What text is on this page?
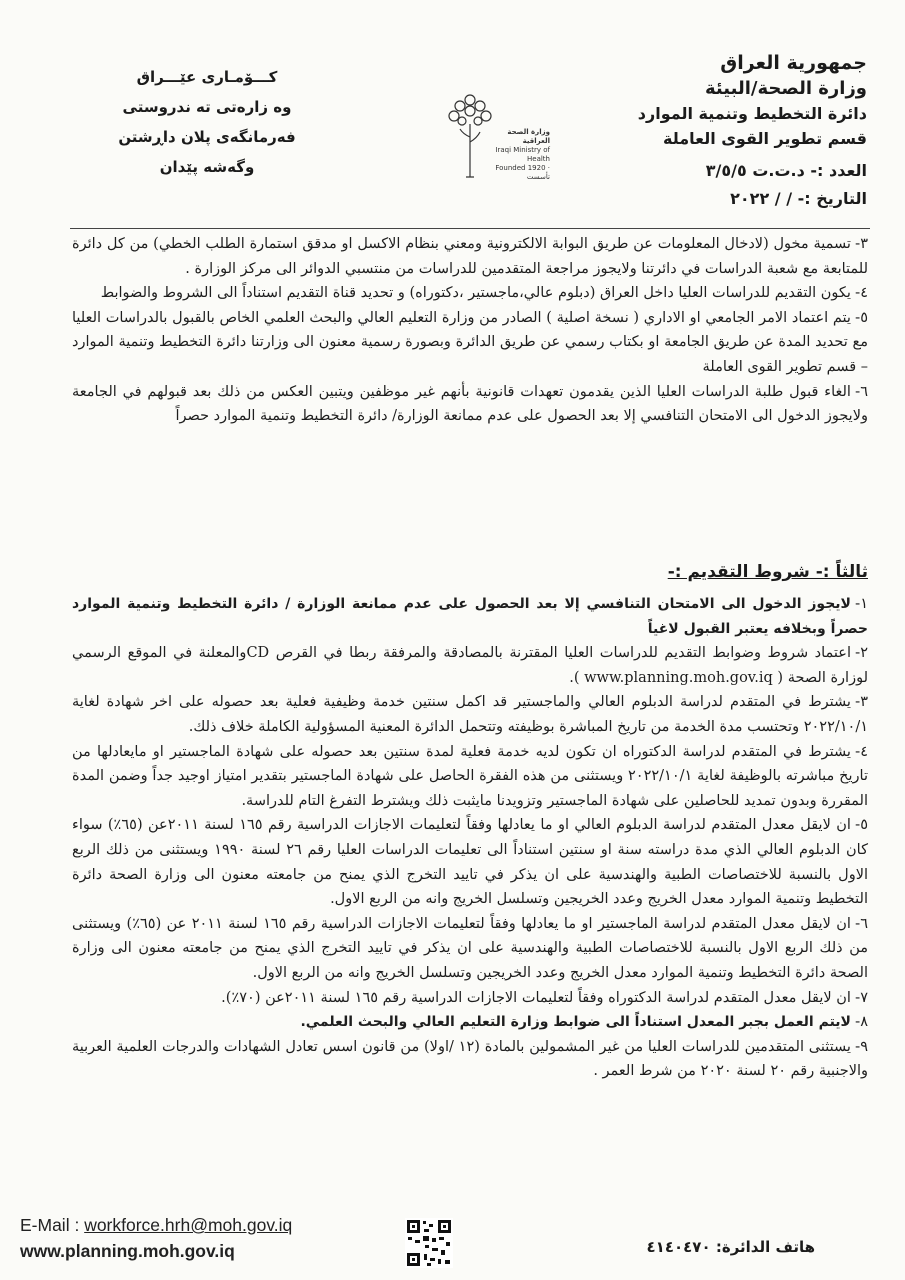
جمهورية العراق
وزارة الصحة/البيئة
دائرة التخطيط وتنمية الموارد
قسم تطوير القوى العاملة
العدد :- د.ت.ت ٣/٥/٥
التاريخ :- / / ٢٠٢٢
كـــۆمـارى عێـــراق
وه زاره‌تى ته ندروستی
فەرمانگەی پلان داڕشتن وگەشە پێدان
وزارة الصحة العراقية
Iraqi Ministry of Health
Founded 1920 · تأسست

٣-تسمية مخول (لادخال المعلومات عن طريق البوابة الالكترونية ومعني بنظام الاكسل او مدقق استمارة الطلب الخطي) من كل دائرة للمتابعة مع شعبة الدراسات في دائرتنا ولايجوز مراجعة المتقدمين للدراسات من منتسبي الدوائر الى مركز الوزارة .

٤-يكون التقديم للدراسات العليا داخل العراق (دبلوم عالي،ماجستير ،دكتوراه) و تحديد قناة التقديم استناداً الى الشروط والضوابط

٥-يتم اعتماد الامر الجامعي او الاداري ( نسخة اصلية ) الصادر من وزارة التعليم العالي والبحث العلمي الخاص بالقبول بالدراسات العليا مع تحديد المدة عن طريق الجامعة او بكتاب رسمي عن طريق الدائرة وبصورة رسمية معنون الى وزارتنا دائرة التخطيط وتنمية الموارد – قسم تطوير القوى العاملة

٦-الغاء قبول طلبة الدراسات العليا الذين يقدمون تعهدات قانونية بأنهم غير موظفين ويتبين العكس من ذلك بعد قبولهم في الجامعة ولايجوز الدخول الى الامتحان التنافسي إلا بعد الحصول على عدم ممانعة الوزارة/ دائرة التخطيط وتنمية الموارد حصراً

ثالثاً :- شروط التقديم :-

١-لايجوز الدخول الى الامتحان التنافسي إلا بعد الحصول على عدم ممانعة الوزارة / دائرة التخطيط وتنمية الموارد حصراً وبخلافه يعتبر القبول لاغياً

٢-اعتماد شروط وضوابط التقديم للدراسات العليا المقترنة بالمصادقة والمرفقة ربطا في القرص CDوالمعلنة في الموقع الرسمي لوزارة الصحة ( www.planning.moh.gov.iq ).

٣-يشترط في المتقدم لدراسة الدبلوم العالي والماجستير قد اكمل سنتين خدمة وظيفية فعلية بعد حصوله على اخر شهادة لغاية ٢٠٢٢/١٠/١ وتحتسب مدة الخدمة من تاريخ المباشرة بوظيفته وتتحمل الدائرة المعنية المسؤولية الكاملة خلاف ذلك.

٤-يشترط في المتقدم لدراسة الدكتوراه ان تكون لديه خدمة فعلية لمدة سنتين بعد حصوله على شهادة الماجستير او مايعادلها من تاريخ مباشرته بالوظيفة لغاية ٢٠٢٢/١٠/١ ويستثنى من هذه الفقرة الحاصل على شهادة الماجستير بتقدير امتياز اوجيد جداً وضمن المدة المقررة وبدون تمديد للحاصلين على شهادة الماجستير وتزويدنا مايثبت ذلك ويشترط التفرغ التام للدراسة.

٥-ان لايقل معدل المتقدم لدراسة الدبلوم العالي او ما يعادلها وفقاً لتعليمات الاجازات الدراسية رقم ١٦٥ لسنة ٢٠١١عن (٦٥٪) سواء كان الدبلوم العالي الذي مدة دراسته سنة او سنتين استناداً الى تعليمات الدراسات العليا رقم ٢٦ لسنة ١٩٩٠ ويستثنى من ذلك الربع الاول بالنسبة للاختصاصات الطبية والهندسية على ان يذكر في تاييد التخرج الذي يمنح من جامعته معنون الى وزارة الصحة دائرة التخطيط وتنمية الموارد معدل الخريج وعدد الخريجين وتسلسل الخريج وانه من الربع الاول.

٦-ان لايقل معدل المتقدم لدراسة الماجستير او ما يعادلها وفقاً لتعليمات الاجازات الدراسية رقم ١٦٥ لسنة ٢٠١١ عن (٦٥٪) ويستثنى من ذلك الربع الاول بالنسبة للاختصاصات الطبية والهندسية على ان يذكر في تاييد التخرج الذي يمنح من جامعته معنون الى وزارة الصحة دائرة التخطيط وتنمية الموارد معدل الخريج وعدد الخريجين وتسلسل الخريج وانه من الربع الاول.

٧-ان لايقل معدل المتقدم لدراسة الدكتوراه وفقاً لتعليمات الاجازات الدراسية رقم ١٦٥ لسنة ٢٠١١عن (٧٠٪).

٨-لايتم العمل بجبر المعدل استناداً الى ضوابط وزارة التعليم العالي والبحث العلمي.

٩-يستثنى المتقدمين للدراسات العليا من غير المشمولين بالمادة (١٢ /اولا) من قانون اسس تعادل الشهادات والدرجات العلمية العربية والاجنبية رقم ٢٠ لسنة ٢٠٢٠ من شرط العمر .

E-Mail : workforce.hrh@moh.gov.iq
www.planning.moh.gov.iq	هاتف الدائرة: ٤١٤٠٤٧٠
